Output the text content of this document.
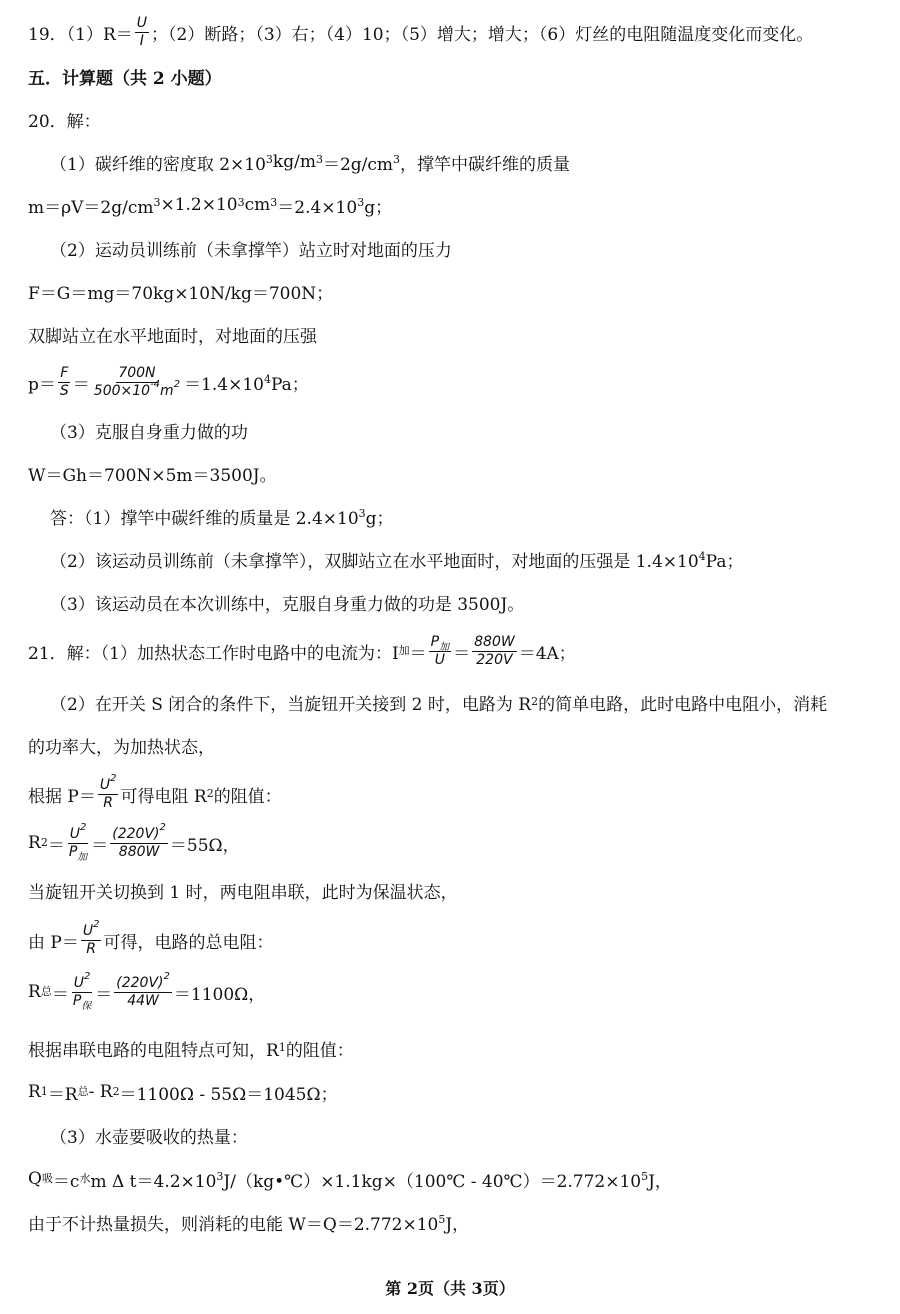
19．$(1)R= \frac{U}{I}$ ；（2）断路；（3）右；（4）10；（5）增大；增大；（6）灯丝的电阻随温度变化而变化。
五．计算题（共 2 小题）
20．解：
（1）碳纤维的密度取 $2\times 10^3$ $kg/m^3 =2g/cm^3$ ，撑竿中碳纤维的质量
$m=\rho V=2g/cm^3 \times 1.2\times 10^3$ $cm^3 =2.4\times 10^3$ g；
（2）运动员训练前（未拿撑竿）站立时对地面的压力
F＝G＝mg＝70kg×10N/kg＝700N；
双脚站立在水平地面时，对地面的压强
$p= \frac{F}{S} = \frac{700N}{500\times 10^{-4}m^2} =1.4\times 10^4$ Pa；
（3）克服自身重力做的功
W＝Gh＝700N×5m＝3500J。
答：（1）撑竿中碳纤维的质量是 $2.4\times 10^3$ g；
（2）该运动员训练前（未拿撑竿），双脚站立在水平地面时，对地面的压强是 $1.4\times 10^4$ Pa；
（3）该运动员在本次训练中，克服自身重力做的功是 3500J。
21．解：（1）加热状态工作时电路中的电流为：I 加 ＝ $\frac{P_加}{U} = \frac{880W}{220V} =4A$；
（2）在开关 S 闭合的条件下，当旋钮开关接到 2 时，电路为 R 2 的简单电路，此时电路中电阻小，消耗
的功率大，为加热状态，
根据 $P= \frac{U^2}{R}$ 可得电阻 R 2 的阻值：
R $2 = \frac{U^2}{P_加} = \frac{(220V)^2}{880W} =55\Omega$，
当旋钮开关切换到 1 时，两电阻串联，此时为保温状态，
由 $P= \frac{U^2}{R}$ 可得，电路的总电阻：
R 总 ＝ $\frac{U^2}{P_保} = \frac{(220V)^2}{44W} =1100\Omega$，
根据串联电路的电阻特点可知，R 1 的阻值：
R 1 ＝R 总 - R 2 ＝1100Ω - 55Ω＝1045Ω；
（3）水壶要吸收的热量：
Q 吸 ＝c 水 m Δ $t=4.2\times 10^3$ J/（kg•℃）×1.1kg×（100℃ - $40℃)=2.772\times 10^5$ J，
由于不计热量损失，则消耗的电能 $W=Q=2.772\times 10^5$ J，
第 2页（共 3页）
